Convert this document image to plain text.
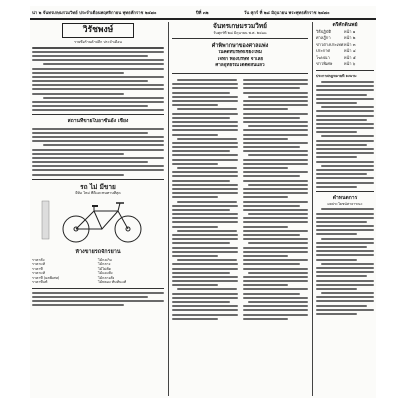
น่า ๒ จันทรเกษมรวมวิทย์ ประจำเดือนพฤศจิกายน พุทธศักราช ๒๔๗๐	ปีที่ ๓๒	วัน ศุกร์ ที่ ๒๘ มิถุนายน พระพุทธศักราช ๒๔๗๐
วิรัชพงษ์
รายชื่อร้านค้าปลีก ประจำเดือน
สถานที่ขายใบอาซันอัง เชียง
รถ ไม่ มีขาย
ยี่ห้อ ใหม่ ที่ดีและทนทานที่สุด
ห้างขายรถจักรยาน
ราคาตั้ง	ไม้กงเก็บ
ราคาแท้	ไม้กลาง
ราคาที่	ไม้ไม่ตัด
ราคาแท้	ไม้แดงสัง
ราคาที่ (ผลพิเศษ)	ไม้กลางสัง
ราคาที่แท้	ไม้พลอง ทันทันแท้
จันทรเกษมรวมวิทย์
วันศุกร์ที่ ๒๘ มิถุนายน พ.ศ. ๒๔๗๐
คำพิพากษาของศาลแพ่ง
ในคดีที่บริษัทเชียงใหม่
โจทก์ ฟ้องบริษัท จำเลย
ศาลอุทธรณ์ได้ตัดสินแล้ว
ตรีศักดิ์นพย์
วิธีปฏิบัติ	หน้า ๑
ศาลฎีกา	หน้า ๒
ข่าวต่างประเทศ หน้า ๓
ประกาศ	หน้า ๔
โฆษณา	หน้า ๕
ข่าวพิเศษ	หน้า ๖
ประกาศกฎหมายที่ ลงนาม
ดำหนดการ
ผลประโยชน์สาธารณะ
